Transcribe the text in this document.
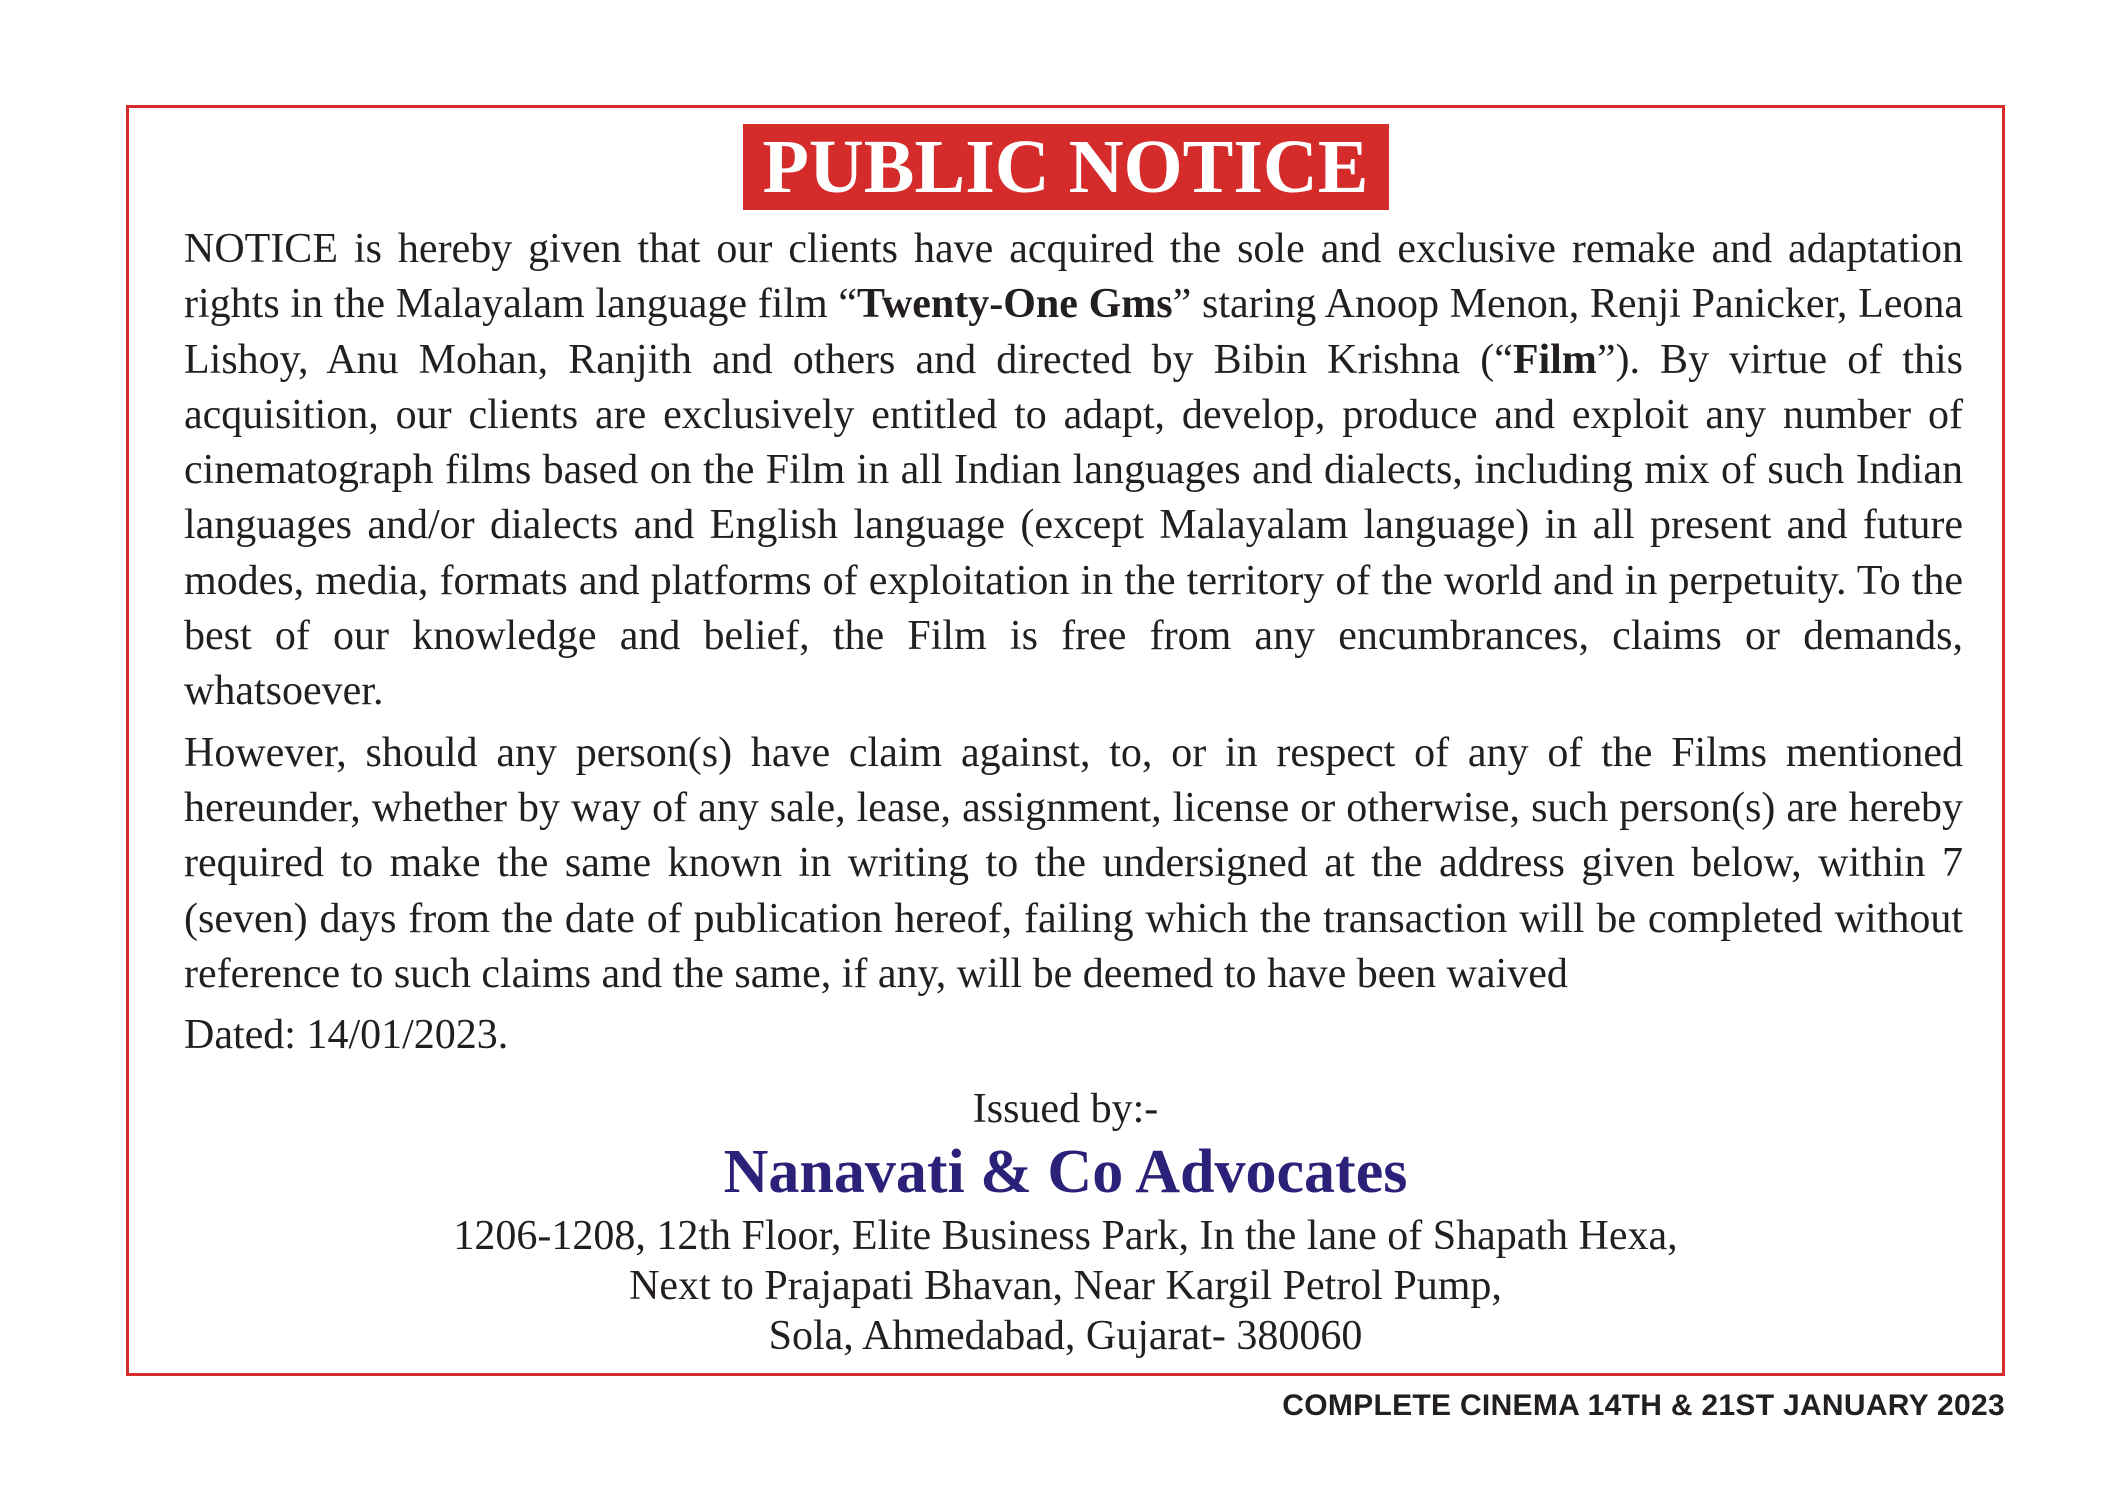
PUBLIC NOTICE

NOTICE is hereby given that our clients have acquired the sole and exclusive remake and adaptation rights in the Malayalam language film “Twenty-One Gms” staring Anoop Menon, Renji Panicker, Leona Lishoy, Anu Mohan, Ranjith and others and directed by Bibin Krishna (“Film”). By virtue of this acquisition, our clients are exclusively entitled to adapt, develop, produce and exploit any number of cinematograph films based on the Film in all Indian languages and dialects, including mix of such Indian languages and/or dialects and English language (except Malayalam language) in all present and future modes, media, formats and platforms of exploitation in the territory of the world and in perpetuity. To the best of our knowledge and belief, the Film is free from any encumbrances, claims or demands, whatsoever.

However, should any person(s) have claim against, to, or in respect of any of the Films mentioned hereunder, whether by way of any sale, lease, assignment, license or otherwise, such person(s) are hereby required to make the same known in writing to the undersigned at the address given below, within 7 (seven) days from the date of publication hereof, failing which the transaction will be completed without reference to such claims and the same, if any, will be deemed to have been waived

Dated: 14/01/2023.

Issued by:-
Nanavati & Co Advocates
1206-1208, 12th Floor, Elite Business Park, In the lane of Shapath Hexa,
Next to Prajapati Bhavan, Near Kargil Petrol Pump,
Sola, Ahmedabad, Gujarat- 380060
COMPLETE CINEMA 14TH & 21ST JANUARY 2023
